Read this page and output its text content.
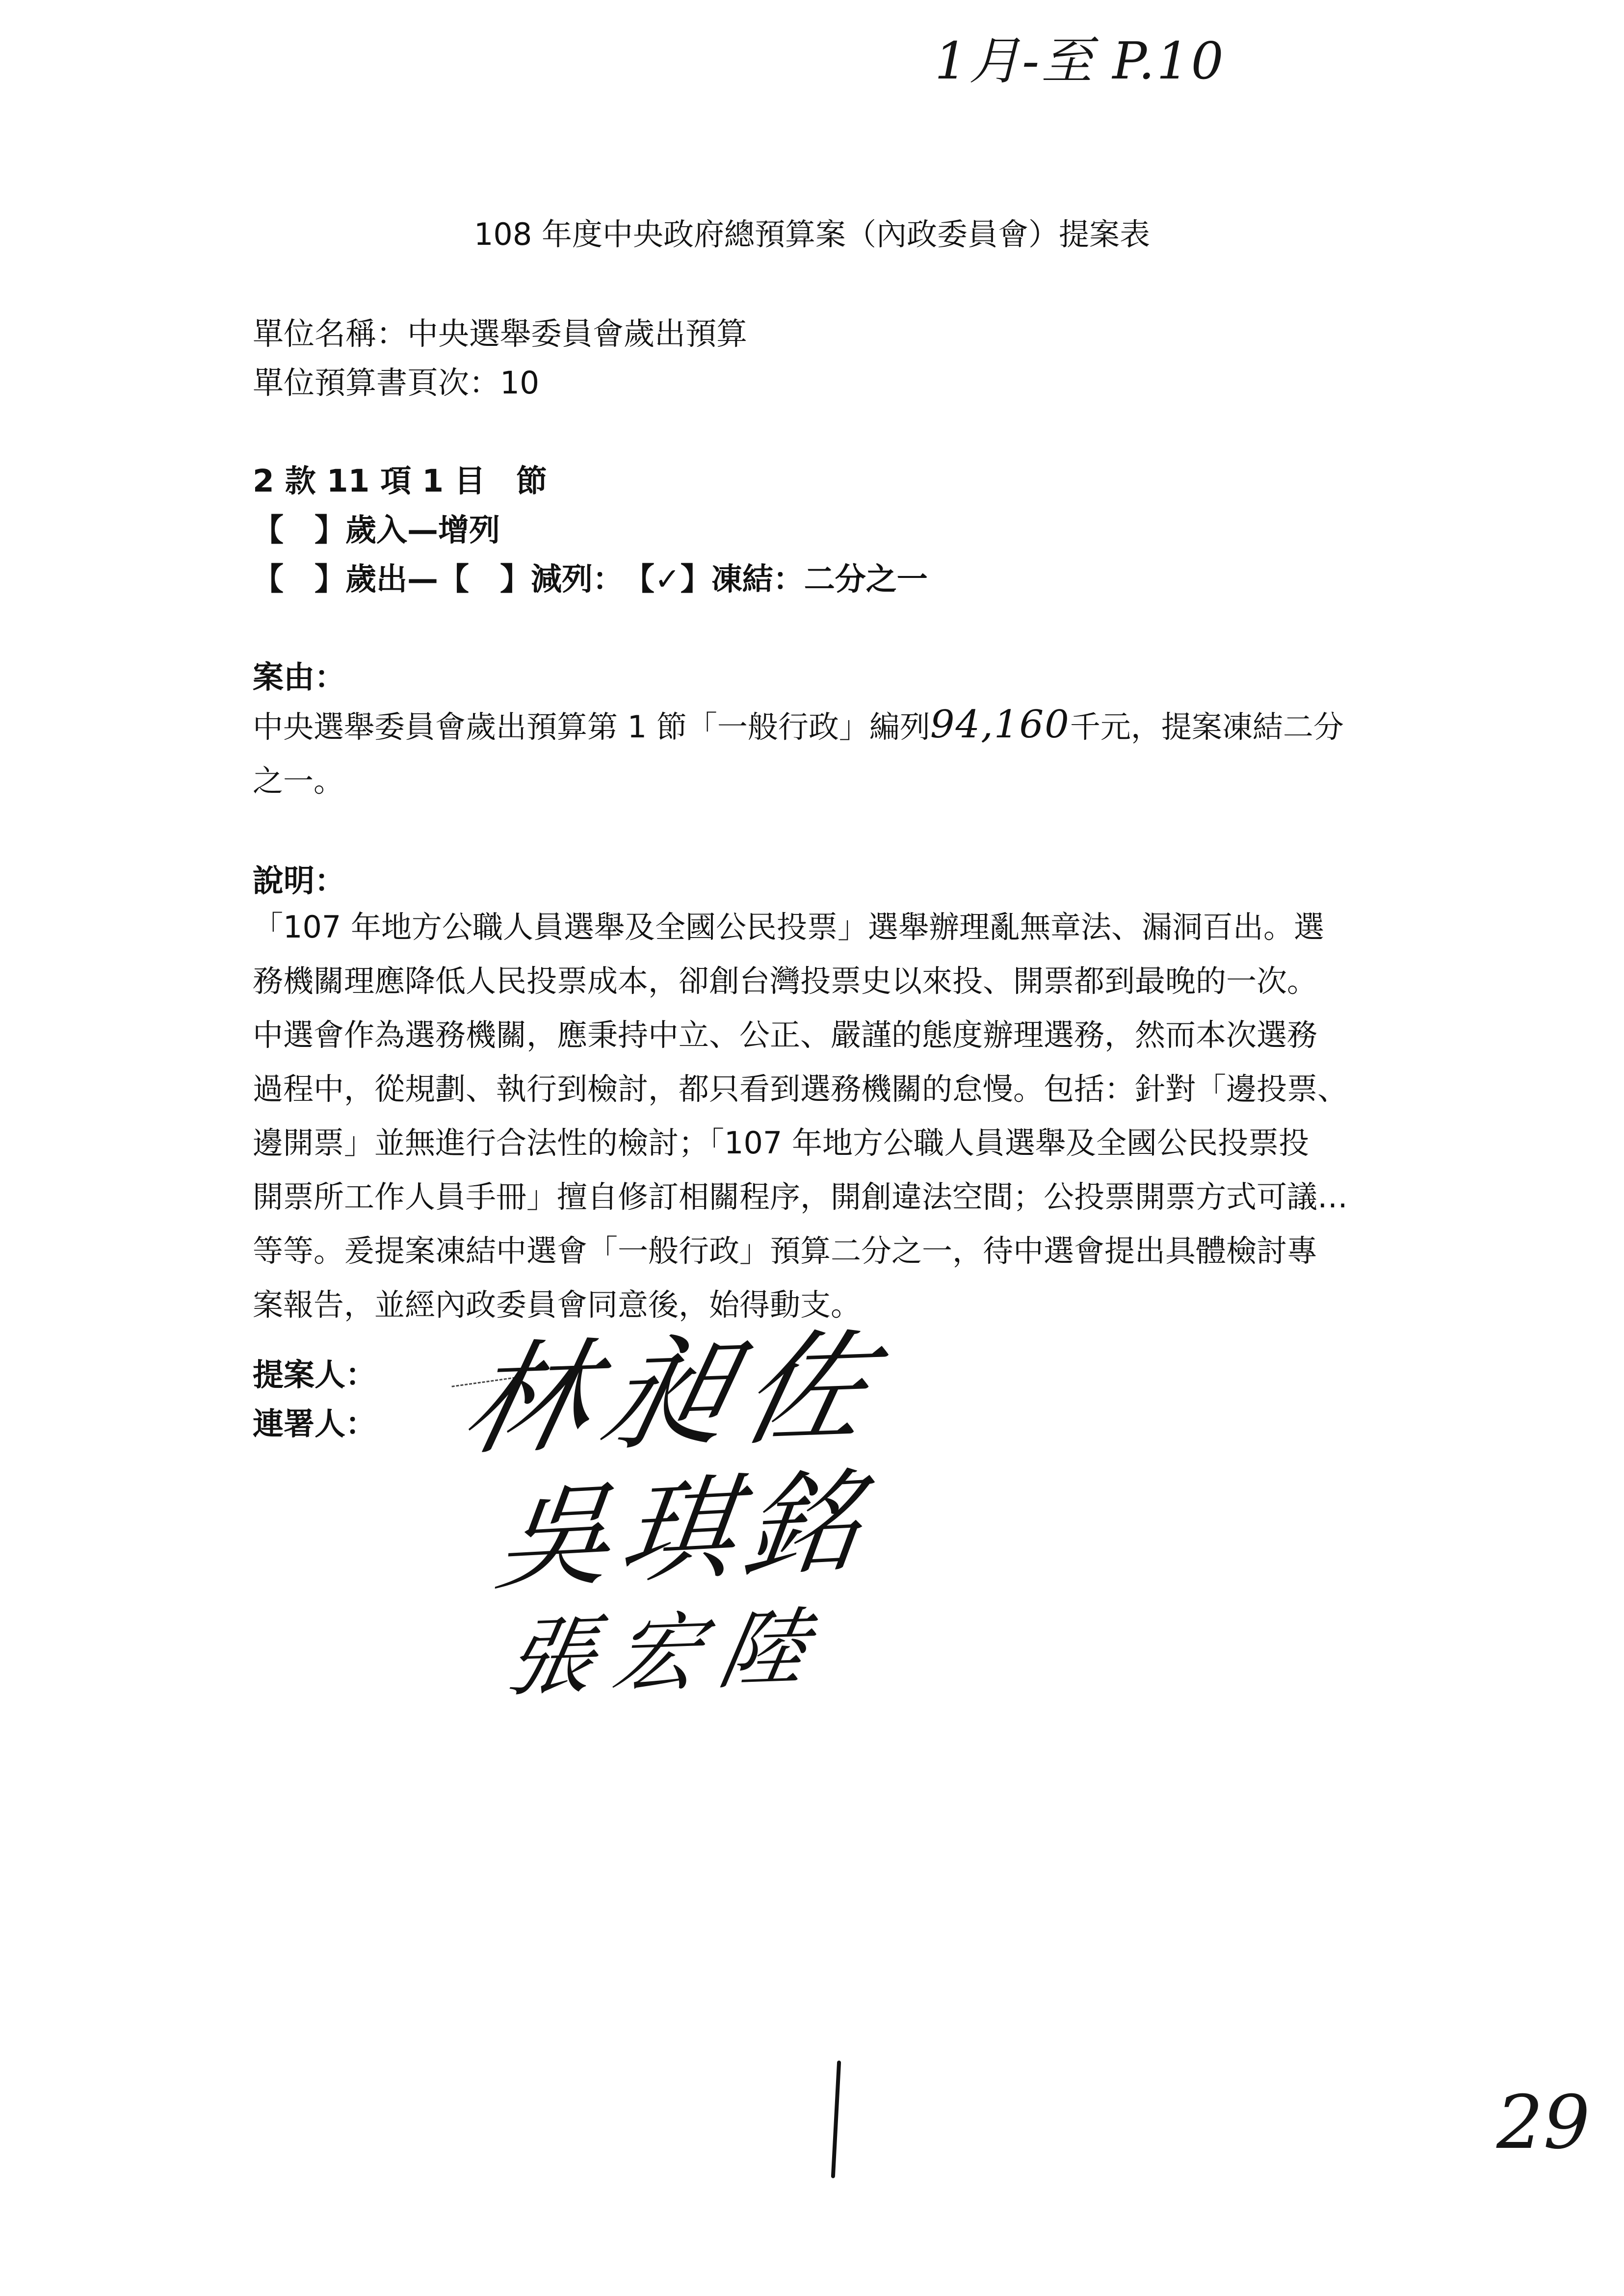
1月-至 P.10
108 年度中央政府總預算案（內政委員會）提案表
單位名稱：中央選舉委員會歲出預算
單位預算書頁次：10
2 款 11 項 1 目　節
【　】歲入—增列
【　】歲出—【　】減列：　【✓】凍結：二分之一
案由：
中央選舉委員會歲出預算第 1 節「一般行政」編列94,160千元，提案凍結二分
之一。
說明：
「107 年地方公職人員選舉及全國公民投票」選舉辦理亂無章法、漏洞百出。選
務機關理應降低人民投票成本，卻創台灣投票史以來投、開票都到最晚的一次。
中選會作為選務機關，應秉持中立、公正、嚴謹的態度辦理選務，然而本次選務
過程中，從規劃、執行到檢討，都只看到選務機關的怠慢。包括：針對「邊投票、
邊開票」並無進行合法性的檢討；「107 年地方公職人員選舉及全國公民投票投
開票所工作人員手冊」擅自修訂相關程序，開創違法空間；公投票開票方式可議…
等等。爰提案凍結中選會「一般行政」預算二分之一，待中選會提出具體檢討專
案報告，並經內政委員會同意後，始得動支。
提案人：
連署人： 林昶佐
吳琪銘
張宏陸
29
